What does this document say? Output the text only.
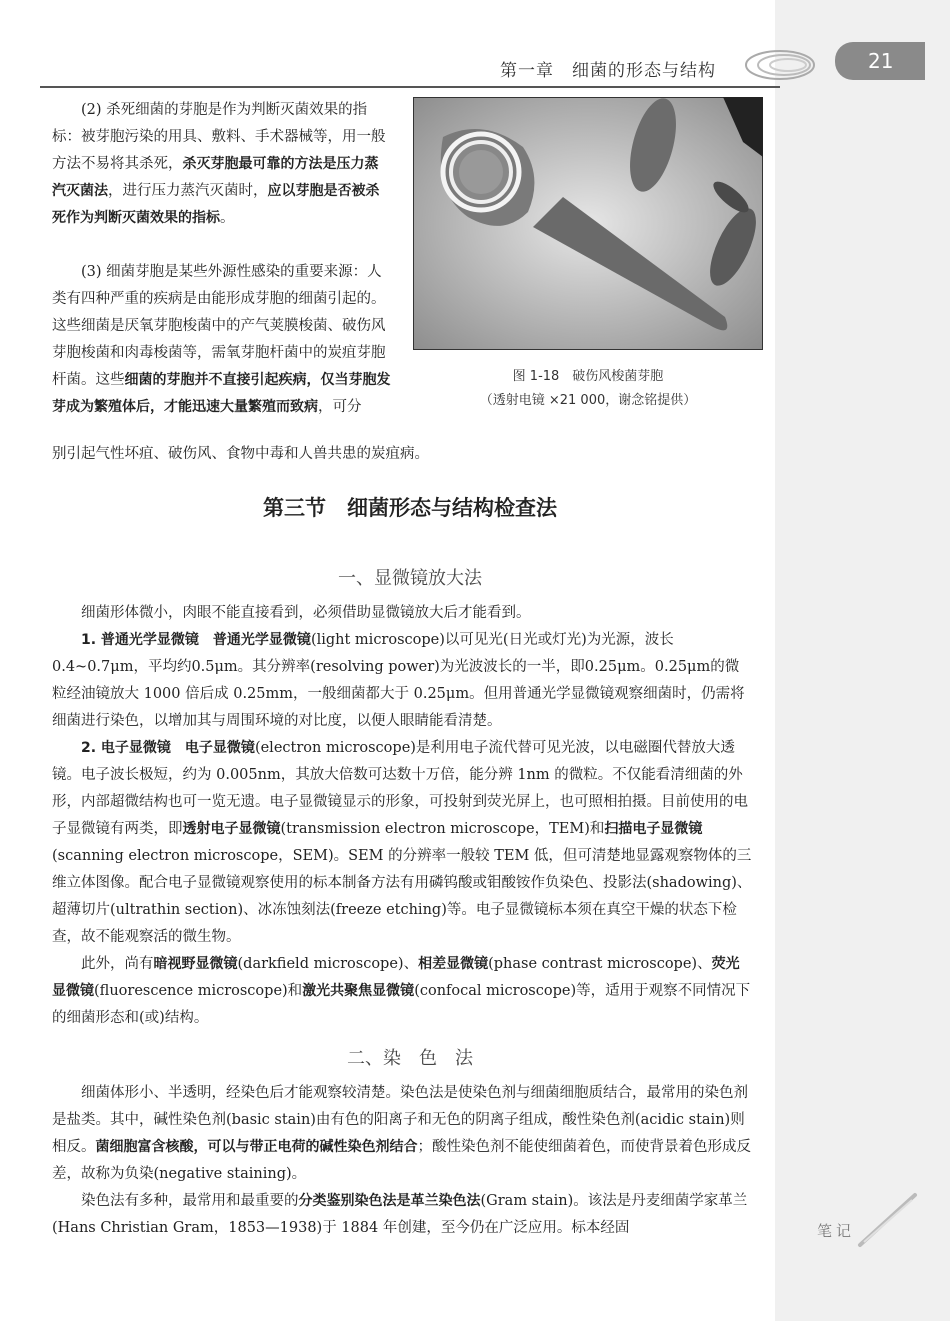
第一章　细菌的形态与结构	21

(2) 杀死细菌的芽胞是作为判断灭菌效果的指标：被芽胞污染的用具、敷料、手术器械等，用一般方法不易将其杀死，杀灭芽胞最可靠的方法是压力蒸汽灭菌法，进行压力蒸汽灭菌时，应以芽胞是否被杀死作为判断灭菌效果的指标。

(3) 细菌芽胞是某些外源性感染的重要来源：人类有四种严重的疾病是由能形成芽胞的细菌引起的。这些细菌是厌氧芽胞梭菌中的产气荚膜梭菌、破伤风芽胞梭菌和肉毒梭菌等，需氧芽胞杆菌中的炭疽芽胞杆菌。这些细菌的芽胞并不直接引起疾病，仅当芽胞发芽成为繁殖体后，才能迅速大量繁殖而致病，可分

别引起气性坏疽、破伤风、食物中毒和人兽共患的炭疽病。

图 1-18　破伤风梭菌芽胞
（透射电镜 ×21 000，谢念铭提供）
第三节　细菌形态与结构检查法
一、显微镜放大法

细菌形体微小，肉眼不能直接看到，必须借助显微镜放大后才能看到。

1. 普通光学显微镜　普通光学显微镜(light microscope)以可见光(日光或灯光)为光源，波长0.4~0.7μm，平均约0.5μm。其分辨率(resolving power)为光波波长的一半，即0.25μm。0.25μm的微粒经油镜放大 1000 倍后成 0.25mm，一般细菌都大于 0.25μm。但用普通光学显微镜观察细菌时，仍需将细菌进行染色，以增加其与周围环境的对比度，以便人眼睛能看清楚。

2. 电子显微镜　电子显微镜(electron microscope)是利用电子流代替可见光波，以电磁圈代替放大透镜。电子波长极短，约为 0.005nm，其放大倍数可达数十万倍，能分辨 1nm 的微粒。不仅能看清细菌的外形，内部超微结构也可一览无遗。电子显微镜显示的形象，可投射到荧光屏上，也可照相拍摄。目前使用的电子显微镜有两类，即透射电子显微镜(transmission electron microscope，TEM)和扫描电子显微镜(scanning electron microscope，SEM)。SEM 的分辨率一般较 TEM 低，但可清楚地显露观察物体的三维立体图像。配合电子显微镜观察使用的标本制备方法有用磷钨酸或钼酸铵作负染色、投影法(shadowing)、超薄切片(ultrathin section)、冰冻蚀刻法(freeze etching)等。电子显微镜标本须在真空干燥的状态下检查，故不能观察活的微生物。

此外，尚有暗视野显微镜(darkfield microscope)、相差显微镜(phase contrast microscope)、荧光显微镜(fluorescence microscope)和激光共聚焦显微镜(confocal microscope)等，适用于观察不同情况下的细菌形态和(或)结构。

二、染　色　法

细菌体形小、半透明，经染色后才能观察较清楚。染色法是使染色剂与细菌细胞质结合，最常用的染色剂是盐类。其中，碱性染色剂(basic stain)由有色的阳离子和无色的阴离子组成，酸性染色剂(acidic stain)则相反。菌细胞富含核酸，可以与带正电荷的碱性染色剂结合；酸性染色剂不能使细菌着色，而使背景着色形成反差，故称为负染(negative staining)。

染色法有多种，最常用和最重要的分类鉴别染色法是革兰染色法(Gram stain)。该法是丹麦细菌学家革兰(Hans Christian Gram，1853—1938)于 1884 年创建，至今仍在广泛应用。标本经固	笔记
